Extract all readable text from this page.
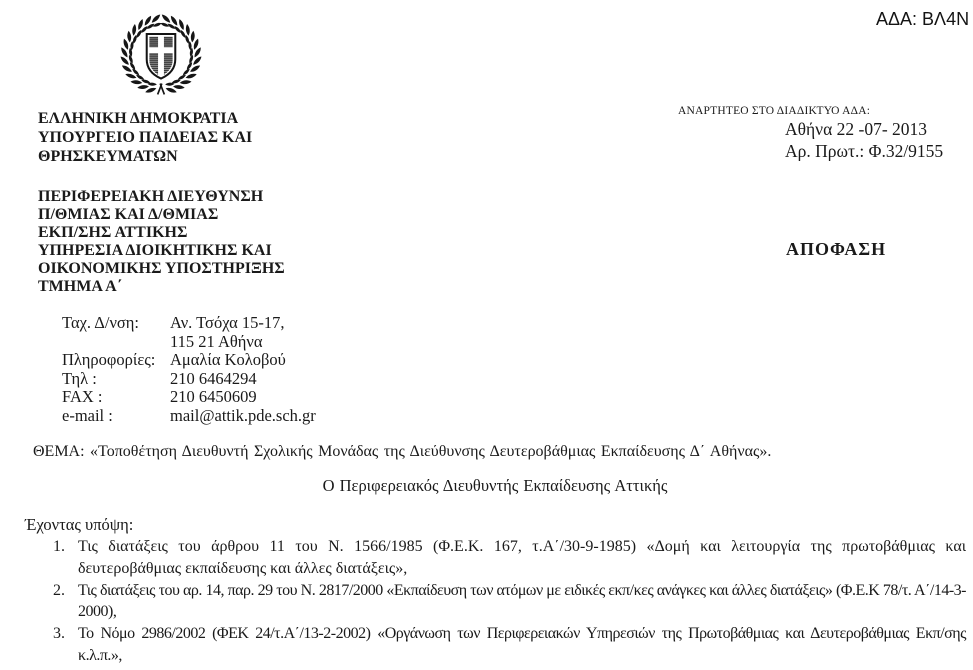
ΑΔΑ: ΒΛ4Ν
ΕΛΛΗΝΙΚΗ ΔΗΜΟΚΡΑΤΙΑ
ΥΠΟΥΡΓΕΙΟ ΠΑΙΔΕΙΑΣ ΚΑΙ
ΘΡΗΣΚΕΥΜΑΤΩΝ
ΑΝΑΡΤΗΤΕΟ ΣΤΟ ΔΙΑΔΙΚΤΥΟ ΑΔΑ:
Αθήνα 22 -07- 2013
Αρ. Πρωτ.: Φ.32/9155
ΠΕΡΙΦΕΡΕΙΑΚΗ ΔΙΕΥΘΥΝΣΗ
Π/ΘΜΙΑΣ ΚΑΙ Δ/ΘΜΙΑΣ
ΕΚΠ/ΣΗΣ ΑΤΤΙΚΗΣ
ΥΠΗΡΕΣΙΑ ΔΙΟΙΚΗΤΙΚΗΣ ΚΑΙ
ΟΙΚΟΝΟΜΙΚΗΣ ΥΠΟΣΤΗΡΙΞΗΣ
ΤΜΗΜΑ Α΄
ΑΠΟΦΑΣΗ
Ταχ. Δ/νση:	Αν. Τσόχα 15-17,
115 21 Αθήνα
Πληροφορίες: Αμαλία Κολοβού
Τηλ :	210 6464294
FAX :	210 6450609
e-mail :	mail@attik.pde.sch.gr
ΘΕΜΑ: «Τοποθέτηση Διευθυντή Σχολικής Μονάδας της Διεύθυνσης Δευτεροβάθμιας Εκπαίδευσης Δ΄ Αθήνας».
Ο Περιφερειακός Διευθυντής Εκπαίδευσης Αττικής
Έχοντας υπόψη:
1. Τις διατάξεις του άρθρου 11 του Ν. 1566/1985 (Φ.Ε.Κ. 167, τ.Α΄/30-9-1985) «Δομή και λειτουργία της πρωτοβάθμιας και δευτεροβάθμιας εκπαίδευσης και άλλες διατάξεις»,
2. Τις διατάξεις του αρ. 14, παρ. 29 του Ν. 2817/2000 «Εκπαίδευση των ατόμων με ειδικές εκπ/κες ανάγκες και άλλες διατάξεις» (Φ.Ε.Κ 78/τ. Α΄/14-3-2000),
3. Το Νόμο 2986/2002 (ΦΕΚ 24/τ.Α΄/13-2-2002) «Οργάνωση των Περιφερειακών Υπηρεσιών της Πρωτοβάθμιας και Δευτεροβάθμιας Εκπ/σης κ.λ.π.»,
